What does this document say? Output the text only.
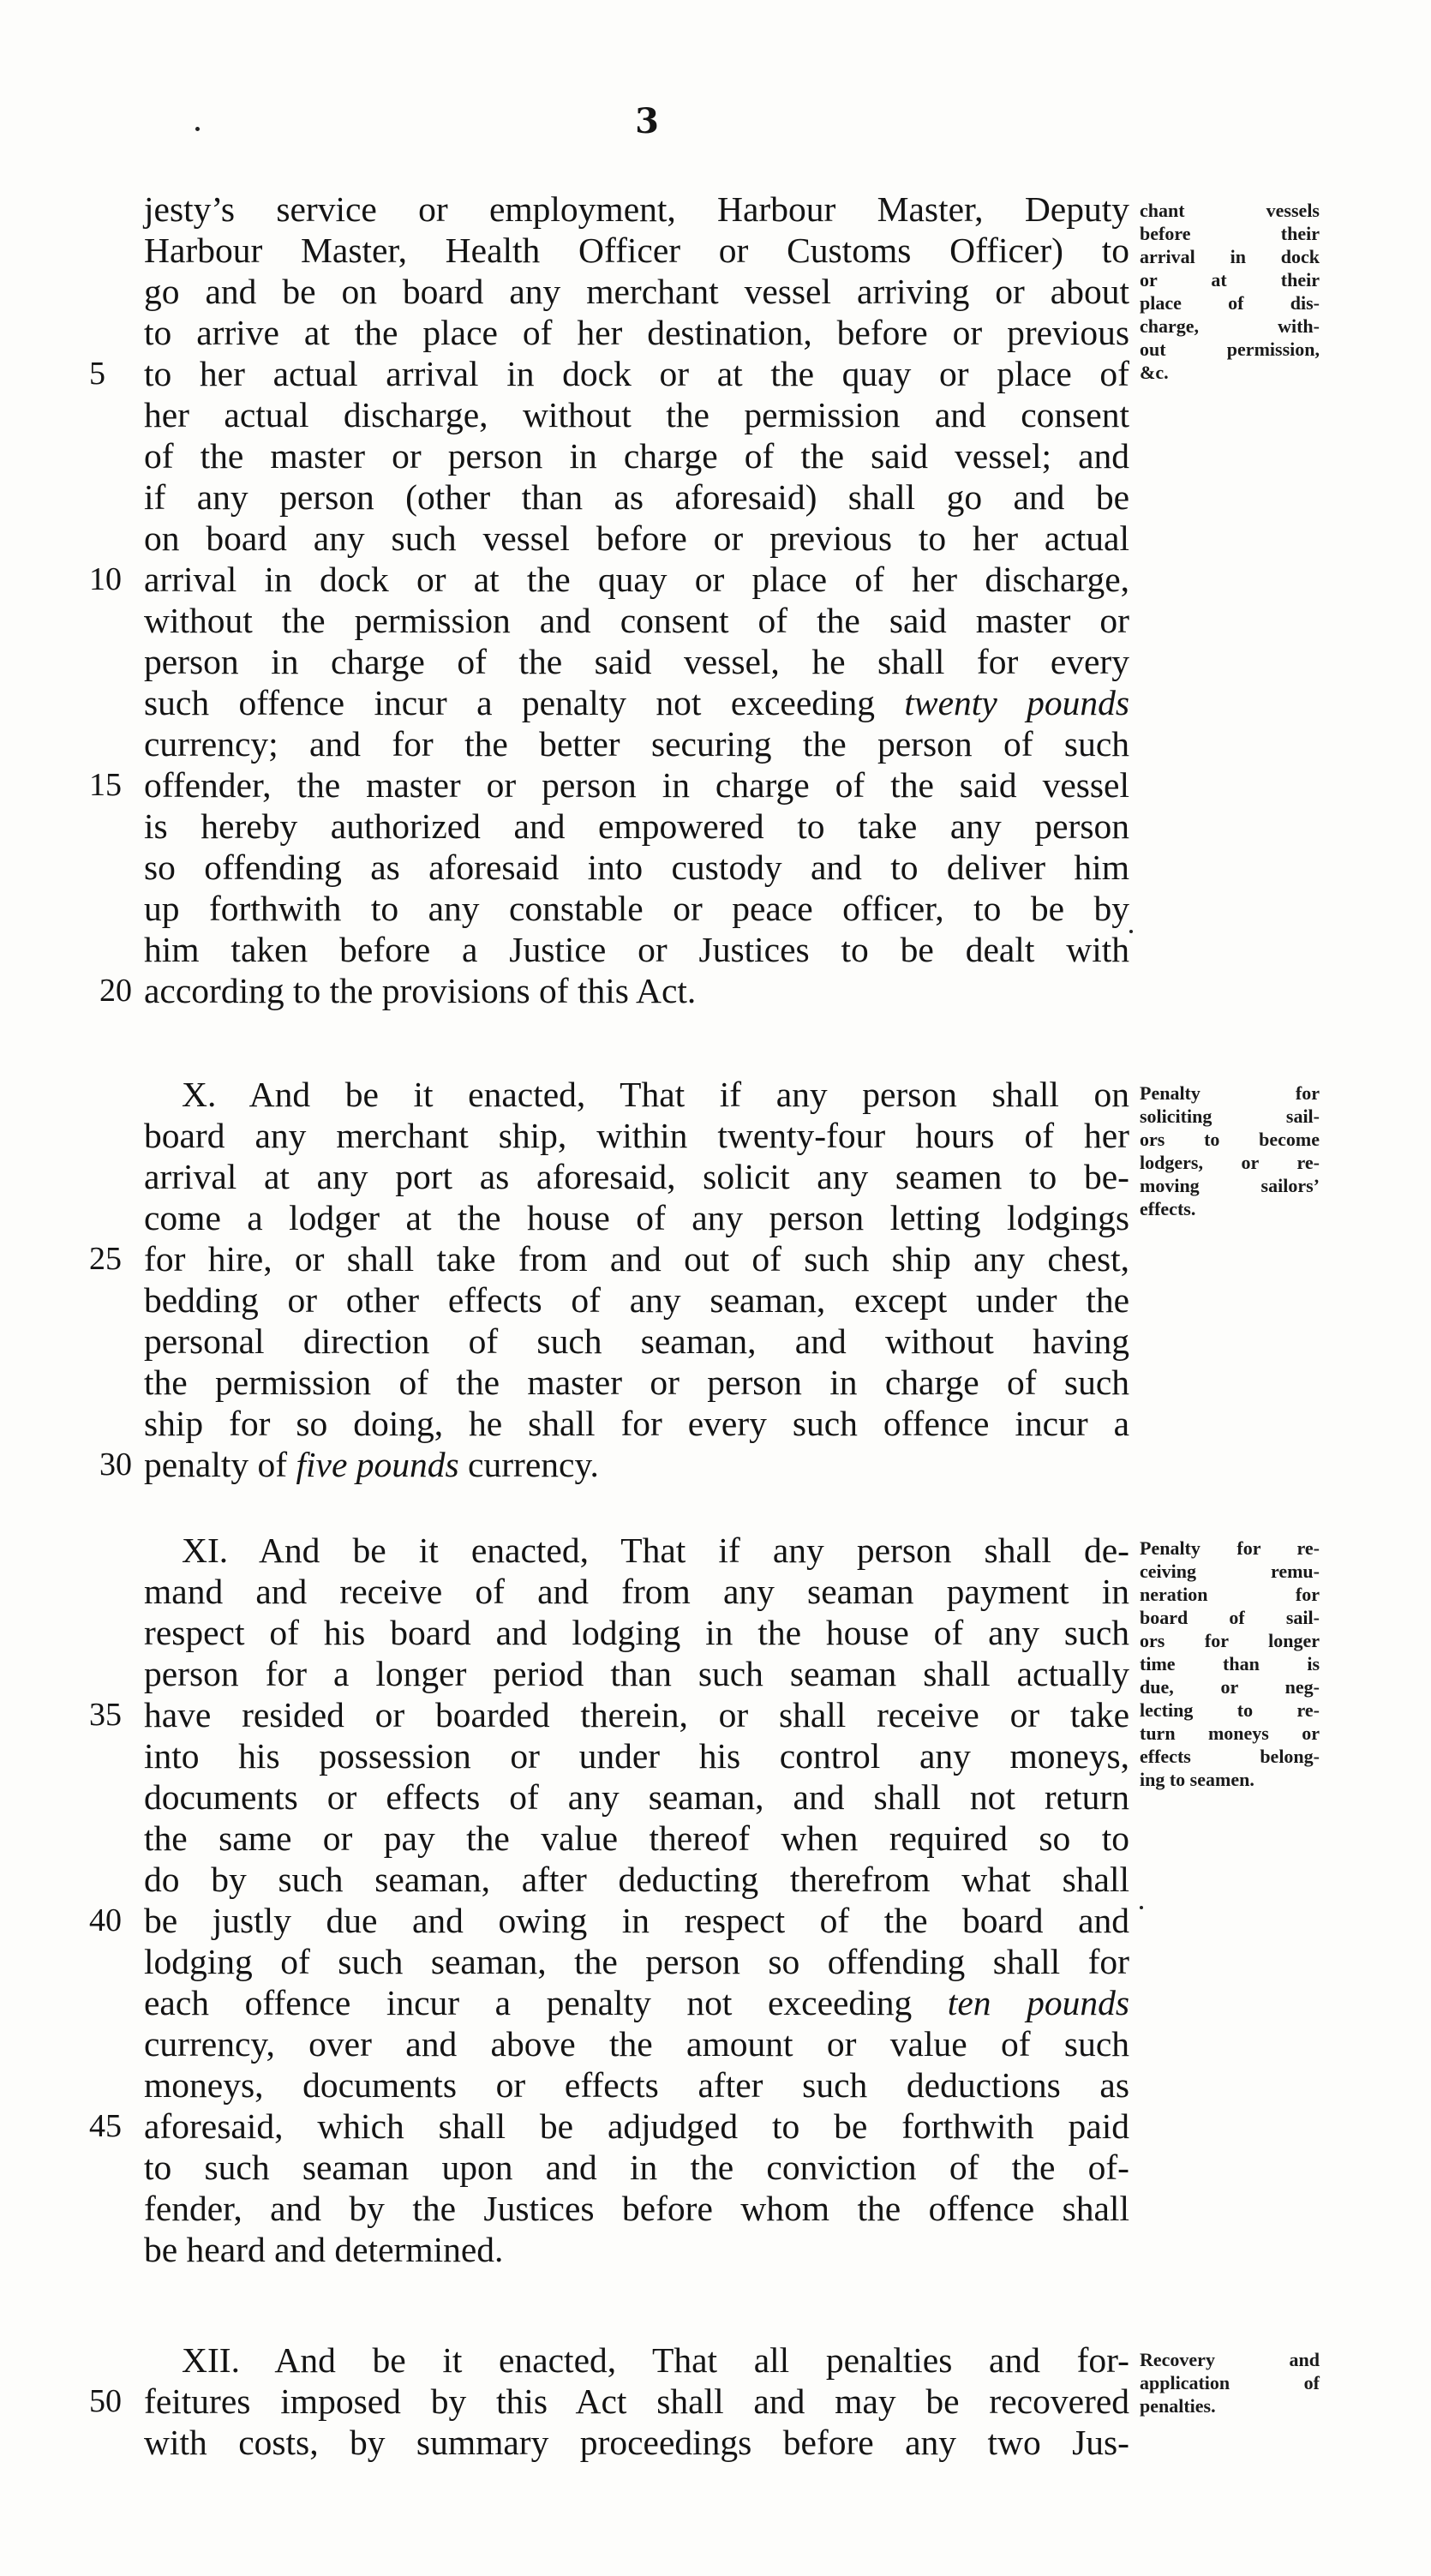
3
jesty’s service or employment, Harbour Master, Deputy
Harbour Master, Health Officer or Customs Officer) to
go and be on board any merchant vessel arriving or about
to arrive at the place of her destination, before or previous
5	to her actual arrival in dock or at the quay or place of
her actual discharge, without the permission and consent
of the master or person in charge of the said vessel; and
if any person (other than as aforesaid) shall go and be
on board any such vessel before or previous to her actual
10 arrival in dock or at the quay or place of her discharge,
without the permission and consent of the said master or
person in charge of the said vessel, he shall for every
such offence incur a penalty not exceeding twenty pounds
currency; and for the better securing the person of such
15 offender, the master or person in charge of the said vessel
is hereby authorized and empowered to take any person
so offending as aforesaid into custody and to deliver him
up forthwith to any constable or peace officer, to be by
him taken before a Justice or Justices to be dealt with
20 according to the provisions of this Act.
chant vessels
before their
arrival in dock
or at their
place of dis-
charge, with-
out permission,
&c.
X. And be it enacted, That if any person shall on
board any merchant ship, within twenty-four hours of her
arrival at any port as aforesaid, solicit any seamen to be-
come a lodger at the house of any person letting lodgings
25 for hire, or shall take from and out of such ship any chest,
bedding or other effects of any seaman, except under the
personal direction of such seaman, and without having
the permission of the master or person in charge of such
ship for so doing, he shall for every such offence incur a
30 penalty of five pounds currency.
Penalty for
soliciting sail-
ors to become
lodgers, or re-
moving sailors’
effects.
XI. And be it enacted, That if any person shall de-
mand and receive of and from any seaman payment in
respect of his board and lodging in the house of any such
person for a longer period than such seaman shall actually
35 have resided or boarded therein, or shall receive or take
into his possession or under his control any moneys,
documents or effects of any seaman, and shall not return
the same or pay the value thereof when required so to
do by such seaman, after deducting therefrom what shall
40 be justly due and owing in respect of the board and
lodging of such seaman, the person so offending shall for
each offence incur a penalty not exceeding ten pounds
currency, over and above the amount or value of such
moneys, documents or effects after such deductions as
45 aforesaid, which shall be adjudged to be forthwith paid
to such seaman upon and in the conviction of the of-
fender, and by the Justices before whom the offence shall
be heard and determined.
Penalty for re-
ceiving remu-
neration for
board of sail-
ors for longer
time than is
due, or neg-
lecting to re-
turn moneys or
effects belong-
ing to seamen.
XII. And be it enacted, That all penalties and for-
50 feitures imposed by this Act shall and may be recovered
with costs, by summary proceedings before any two Jus-
Recovery and
application of
penalties.
